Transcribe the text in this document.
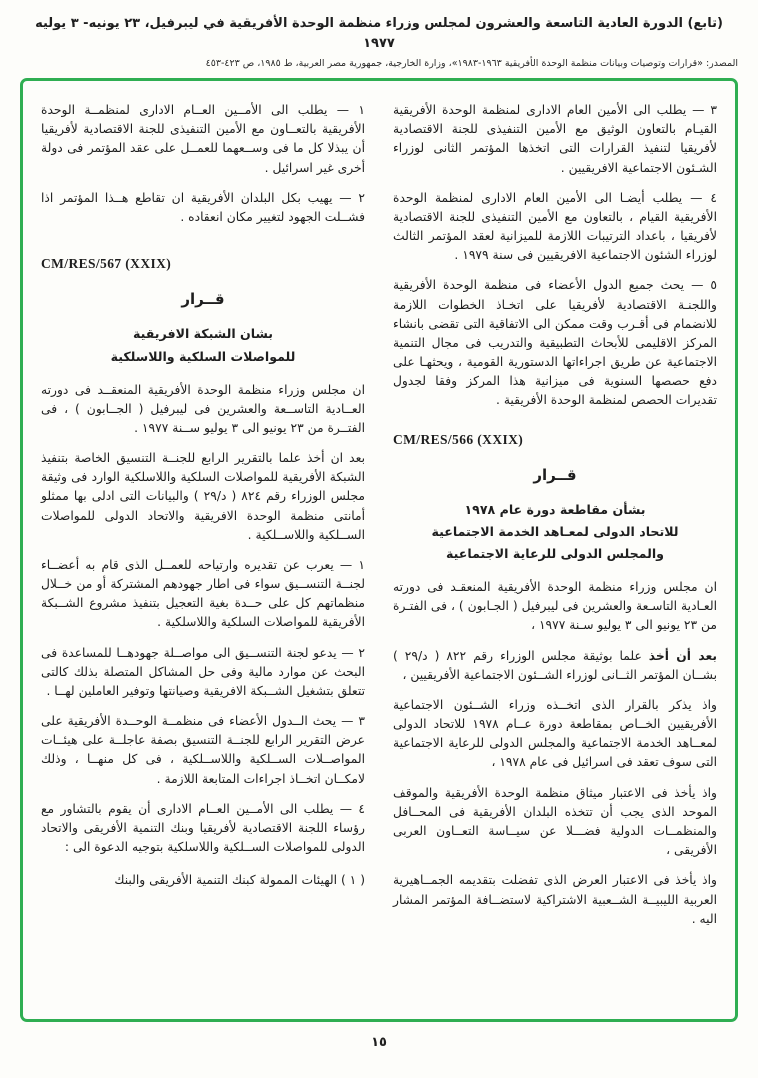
(تابع) الدورة العادية التاسعة والعشرون لمجلس وزراء منظمة الوحدة الأفريقية في ليبرفيل، ٢٣ يونيه- ٣ يوليه ١٩٧٧
المصدر: «قرارات وتوصيات وبيانات منظمة الوحدة الأفريقية ١٩٦٣-١٩٨٣»، وزارة الخارجية، جمهورية مصر العربية، ط ١٩٨٥، ص ٤٢٣-٤٥٣

٣ — يطلب الى الأمين العام الادارى لمنظمة الوحدة الأفريقية القيـام بالتعاون الوثيق مع الأمين التنفيذى للجنة الاقتصادية لأفريقيا لتنفيذ القرارات التى اتخذها المؤتمر الثانى لوزراء الشـئون الاجتماعية الافريقيين .

٤ — يطلب أيضـا الى الأمين العام الادارى لمنظمة الوحدة الأفريقية القيام ، بالتعاون مع الأمين التنفيذى للجنة الاقتصادية لأفريقيا ، باعداد الترتيبات اللازمة للميزانية لعقد المؤتمر الثالث لوزراء الشئون الاجتماعية الافريقيين فى سنة ١٩٧٩ .

٥ — يحث جميع الدول الأعضاء فى منظمة الوحدة الأفريقية واللجنـة الاقتصادية لأفريقيا على اتخـاذ الخطوات اللازمة للانضمام فى أقـرب وقت ممكن الى الاتفاقية التى تقضى بانشاء المركز الاقليمى للأبحاث التطبيقية والتدريب فى مجال التنمية الاجتماعية عن طريق اجراءاتها الدستورية القومية ، ويحثهـا على دفع حصصها السنوية فى ميزانية هذا المركز وفقا لجدول تقديرات الحصص لمنظمة الوحدة الأفريقية .

CM/RES/566 (XXIX)
قــرار
بشأن مقاطعة دورة عام ١٩٧٨
للاتحاد الدولى لمعـاهد الخدمة الاجتماعية
والمجلس الدولى للرعاية الاجتماعية

ان مجلس وزراء منظمة الوحدة الأفريقية المنعقـد فى دورته العـادية التاسـعة والعشرين فى ليبرفيل ( الجـابون ) ، فى الفتـرة من ٢٣ يونيو الى ٣ يوليو سـنة ١٩٧٧ ،

بعد أن أخذ علما بوثيقة مجلس الوزراء رقم ٨٢٢ ( د/٢٩ ) بشــان المؤتمر الثــانى لوزراء الشــئون الاجتماعية الأفريقيين ،

واذ يذكر بالقرار الذى اتخــذه وزراء الشــئون الاجتماعية الأفريقيين الخــاص بمقاطعة دورة عــام ١٩٧٨ للاتحاد الدولى لمعــاهد الخدمة الاجتماعية والمجلس الدولى للرعاية الاجتماعية التى سوف تعقد فى اسرائيل فى عام ١٩٧٨ ،

واذ يأخذ فى الاعتبار ميثاق منظمة الوحدة الأفريقية والموقف الموحد الذى يجب أن تتخذه البلدان الأفريقية فى المحــافل والمنظمــات الدولية فضـــلا عن سيــاسة التعــاون العربى الأفريقى ،

واذ يأخذ فى الاعتبار العرض الذى تفضلت بتقديمه الجمــاهيرية العربية الليبيــة الشــعبية الاشتراكية لاستضــافة المؤتمر المشار اليه .

١ — يطلب الى الأمــين العــام الادارى لمنظمــة الوحدة الأفريقية بالتعــاون مع الأمين التنفيذى للجنة الاقتصادية لأفريقيا أن يبذلا كل ما فى وســعهما للعمــل على عقد المؤتمر فى دولة أخرى غير اسرائيل .

٢ — يهيب بكل البلدان الأفريقية ان تقاطع هــذا المؤتمر اذا فشــلت الجهود لتغيير مكان انعقاده .

CM/RES/567 (XXIX)
قــرار
بشان الشبكة الافريقية
للمواصلات السلكية واللاسلكية

ان مجلس وزراء منظمة الوحدة الأفريقية المنعقــد فى دورته العــادية التاســعة والعشرين فى ليبرفيل ( الجــابون ) ، فى الفتــرة من ٢٣ يونيو الى ٣ يوليو ســنة ١٩٧٧ .

بعد ان أخذ علما بالتقرير الرابع للجنــة التنسيق الخاصة بتنفيذ الشبكة الأفريقية للمواصلات السلكية واللاسلكية الوارد فى وثيقة مجلس الوزراء رقم ٨٢٤ ( د/٢٩ ) والبيانات التى ادلى بها ممثلو أمانتى منظمة الوحدة الافريقية والاتحاد الدولى للمواصلات الســلكية واللاســلكية .

١ — يعرب عن تقديره وارتياحه للعمــل الذى قام به أعضــاء لجنــة التنســيق سواء فى اطار جهودهم المشتركة أو من خــلال منظماتهم كل على حــدة بغية التعجيل بتنفيذ مشروع الشــبكة الأفريقية للمواصلات السلكية واللاسلكية .

٢ — يدعو لجنة التنســيق الى مواصــلة جهودهــا للمساعدة فى البحث عن موارد مالية وفى حل المشاكل المتصلة بذلك كالتى تتعلق بتشغيل الشــبكة الافريقية وصيانتها وتوفير العاملين لهــا .

٣ — يحث الــدول الأعضاء فى منظمــة الوحــدة الأفريقية على عرض التقرير الرابع للجنــة التنسيق بصفة عاجلــة على هيئــات المواصــلات الســلكية واللاســلكية ، فى كل منهــا ، وذلك لامكــان اتخــاذ اجراءات المتابعة اللازمة .

٤ — يطلب الى الأمــين العــام الادارى أن يقوم بالتشاور مع رؤساء اللجنة الاقتصادية لأفريقيا وبنك التنمية الأفريقى والاتحاد الدولى للمواصلات الســلكية واللاسلكية بتوجيه الدعوة الى :

( ١ ) الهيئات الممولة كبنك التنمية الأفريقى والبنك

١٥
